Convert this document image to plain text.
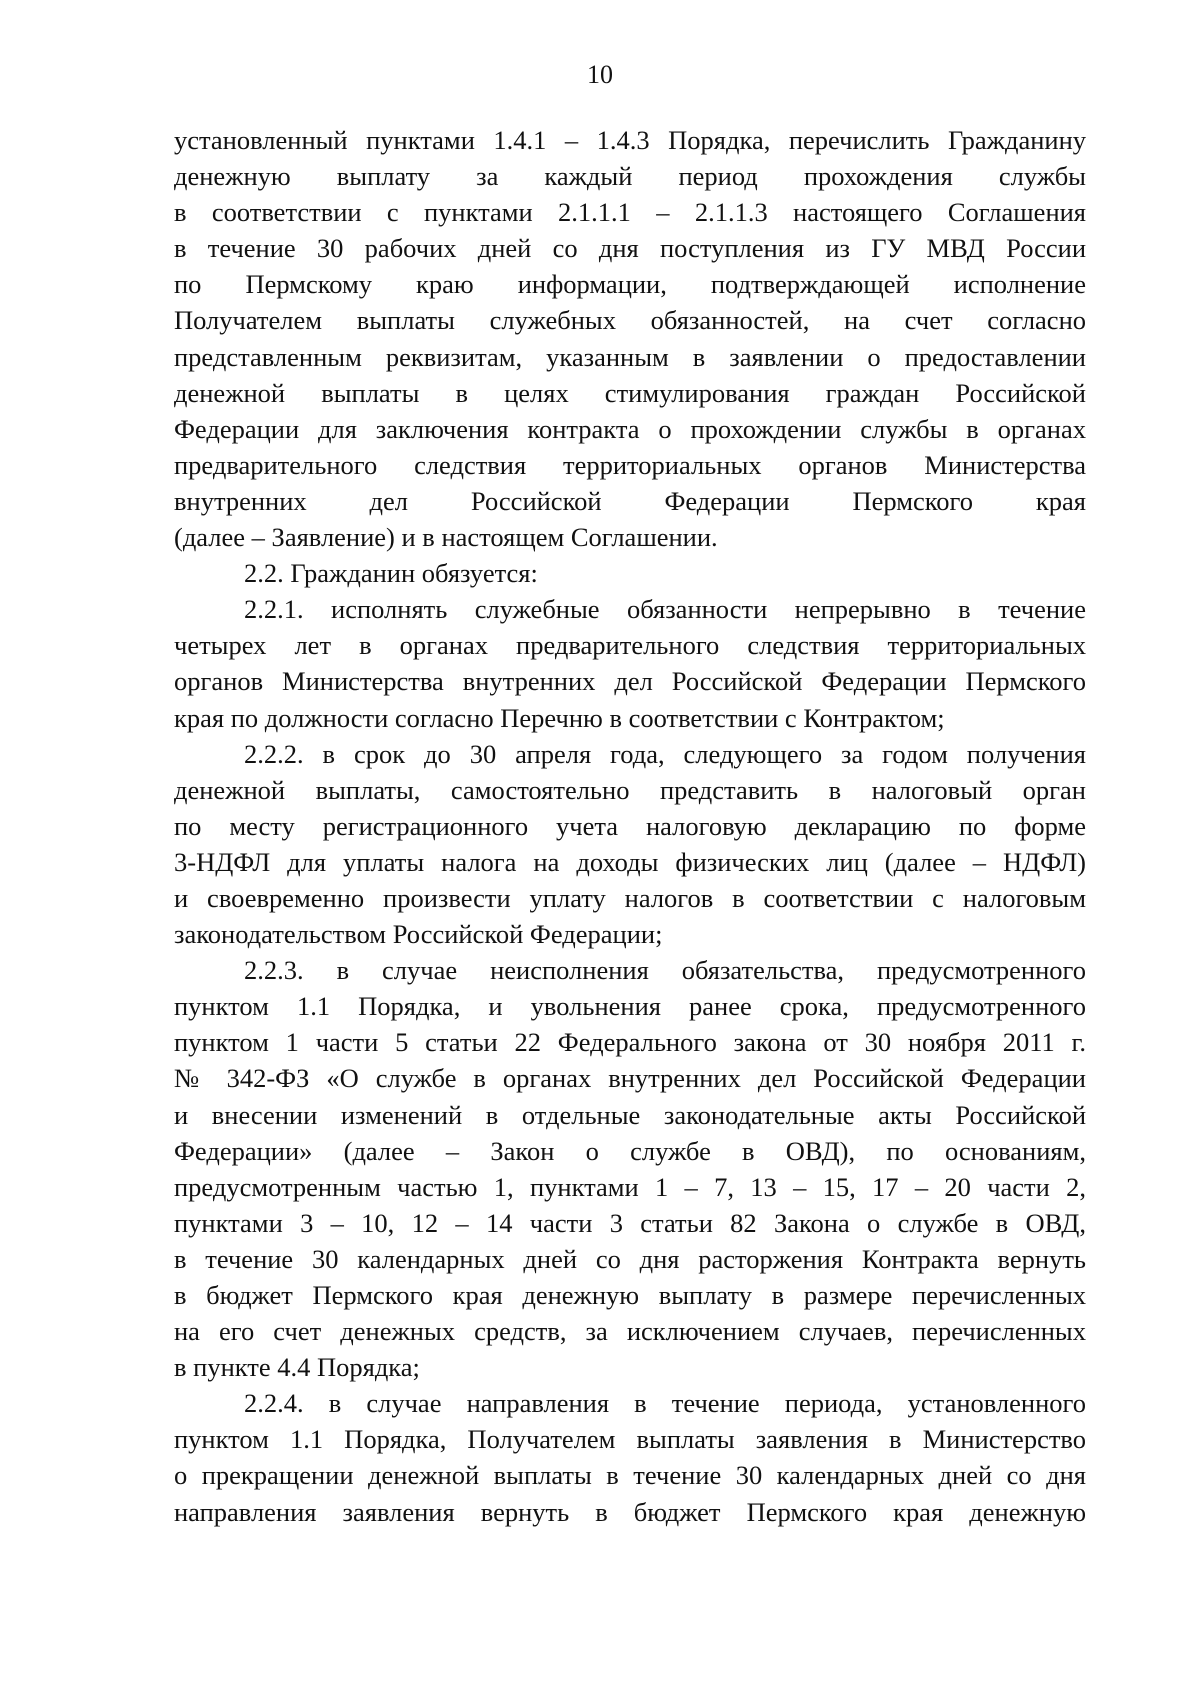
10
установленный пунктами 1.4.1 – 1.4.3 Порядка, перечислить Гражданину
денежную выплату за каждый период прохождения службы
в соответствии с пунктами 2.1.1.1 – 2.1.1.3 настоящего Соглашения
в течение 30 рабочих дней со дня поступления из ГУ МВД России
по Пермскому краю информации, подтверждающей исполнение
Получателем выплаты служебных обязанностей, на счет согласно
представленным реквизитам, указанным в заявлении о предоставлении
денежной выплаты в целях стимулирования граждан Российской
Федерации для заключения контракта о прохождении службы в органах
предварительного следствия территориальных органов Министерства
внутренних дел Российской Федерации Пермского края
(далее – Заявление) и в настоящем Соглашении.
2.2. Гражданин обязуется:
2.2.1. исполнять служебные обязанности непрерывно в течение
четырех лет в органах предварительного следствия территориальных
органов Министерства внутренних дел Российской Федерации Пермского
края по должности согласно Перечню в соответствии с Контрактом;
2.2.2. в срок до 30 апреля года, следующего за годом получения
денежной выплаты, самостоятельно представить в налоговый орган
по месту регистрационного учета налоговую декларацию по форме
3-НДФЛ для уплаты налога на доходы физических лиц (далее – НДФЛ)
и своевременно произвести уплату налогов в соответствии с налоговым
законодательством Российской Федерации;
2.2.3. в случае неисполнения обязательства, предусмотренного
пунктом 1.1 Порядка, и увольнения ранее срока, предусмотренного
пунктом 1 части 5 статьи 22 Федерального закона от 30 ноября 2011 г.
№ 342-ФЗ «О службе в органах внутренних дел Российской Федерации
и внесении изменений в отдельные законодательные акты Российской
Федерации» (далее – Закон о службе в ОВД), по основаниям,
предусмотренным частью 1, пунктами 1 – 7, 13 – 15, 17 – 20 части 2,
пунктами 3 – 10, 12 – 14 части 3 статьи 82 Закона о службе в ОВД,
в течение 30 календарных дней со дня расторжения Контракта вернуть
в бюджет Пермского края денежную выплату в размере перечисленных
на его счет денежных средств, за исключением случаев, перечисленных
в пункте 4.4 Порядка;
2.2.4. в случае направления в течение периода, установленного
пунктом 1.1 Порядка, Получателем выплаты заявления в Министерство
о прекращении денежной выплаты в течение 30 календарных дней со дня
направления заявления вернуть в бюджет Пермского края денежную
